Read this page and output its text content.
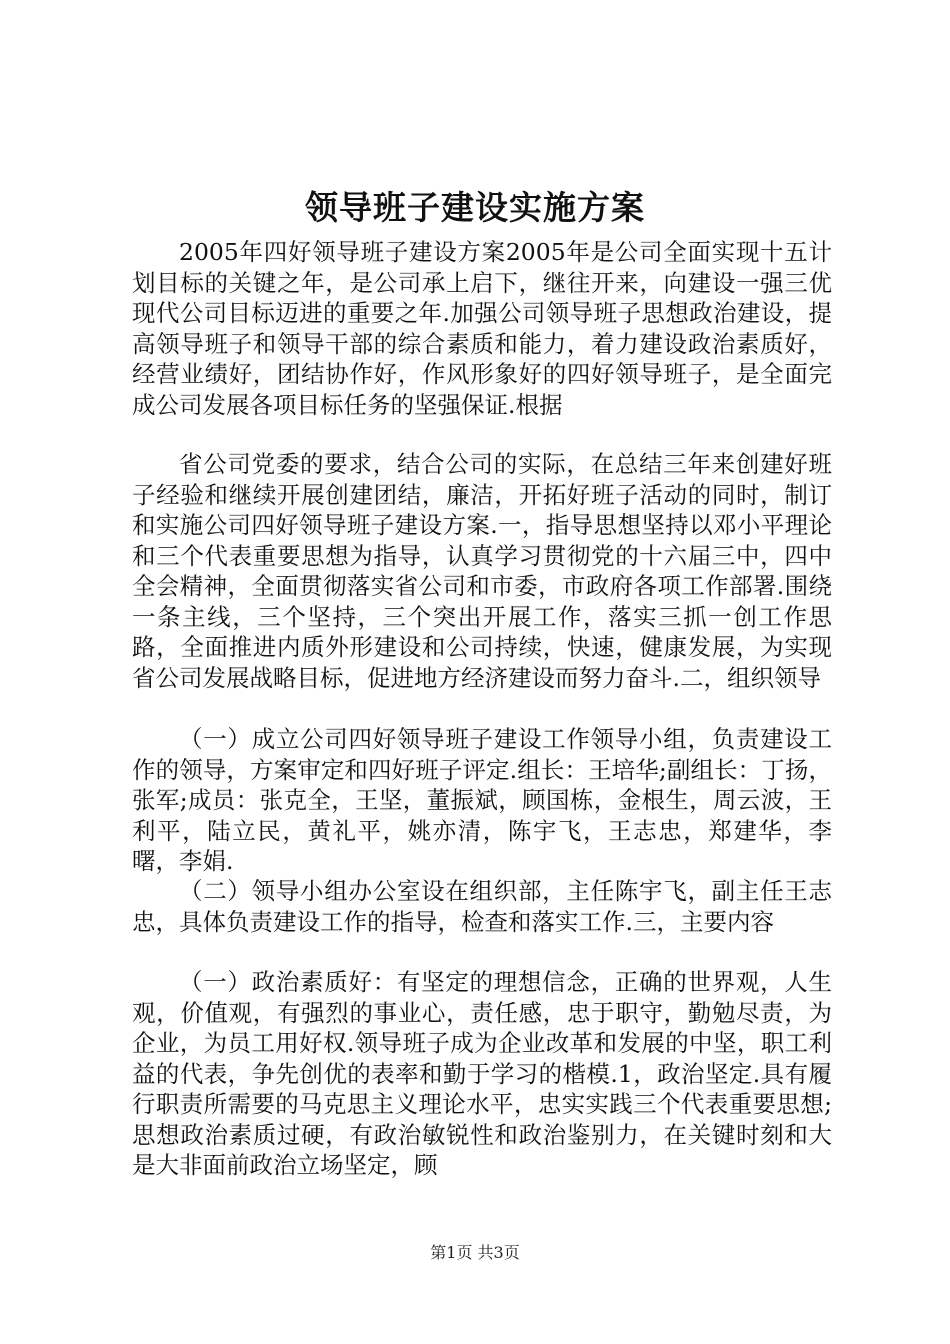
领导班子建设实施方案

2005年四好领导班子建设方案2005年是公司全面实现十五计划目标的关键之年，是公司承上启下，继往开来，向建设一强三优现代公司目标迈进的重要之年.加强公司领导班子思想政治建设，提高领导班子和领导干部的综合素质和能力，着力建设政治素质好，经营业绩好，团结协作好，作风形象好的四好领导班子，是全面完成公司发展各项目标任务的坚强保证.根据

省公司党委的要求，结合公司的实际，在总结三年来创建好班子经验和继续开展创建团结，廉洁，开拓好班子活动的同时，制订和实施公司四好领导班子建设方案.一，指导思想坚持以邓小平理论和三个代表重要思想为指导，认真学习贯彻党的十六届三中，四中全会精神，全面贯彻落实省公司和市委，市政府各项工作部署.围绕一条主线，三个坚持，三个突出开展工作，落实三抓一创工作思路，全面推进内质外形建设和公司持续，快速，健康发展，为实现省公司发展战略目标，促进地方经济建设而努力奋斗.二，组织领导

（一）成立公司四好领导班子建设工作领导小组，负责建设工作的领导，方案审定和四好班子评定.组长：王培华;副组长：丁扬，张军;成员：张克全，王坚，董振斌，顾国栋，金根生，周云波，王利平，陆立民，黄礼平，姚亦清，陈宇飞，王志忠，郑建华，李曙，李娟.

（二）领导小组办公室设在组织部，主任陈宇飞，副主任王志忠，具体负责建设工作的指导，检查和落实工作.三，主要内容

（一）政治素质好：有坚定的理想信念，正确的世界观，人生观，价值观，有强烈的事业心，责任感，忠于职守，勤勉尽责，为企业，为员工用好权.领导班子成为企业改革和发展的中坚，职工利益的代表，争先创优的表率和勤于学习的楷模.1，政治坚定.具有履行职责所需要的马克思主义理论水平，忠实实践三个代表重要思想;思想政治素质过硬，有政治敏锐性和政治鉴别力，在关键时刻和大是大非面前政治立场坚定，顾

第1页 共3页
